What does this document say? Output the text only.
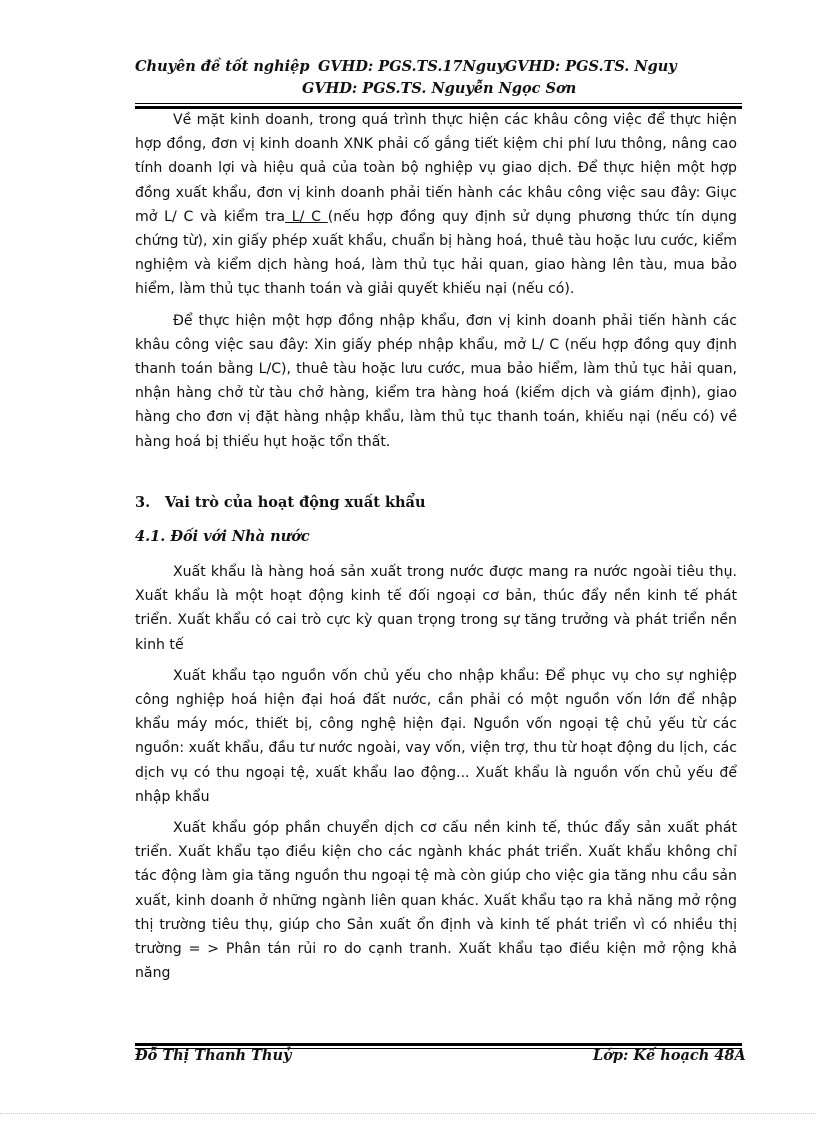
Chuyên đề tốt nghiệp GVHD: PGS.TS.17NguyGVHD: PGS.TS. Nguy
GVHD: PGS.TS. Nguyễn Ngọc Sơn

Về mặt kinh doanh, trong quá trình thực hiện các khâu công việc để thực hiện hợp đồng, đơn vị kinh doanh XNK phải cố gắng tiết kiệm chi phí lưu thông, nâng cao tính doanh lợi và hiệu quả của toàn bộ nghiệp vụ giao dịch. Để thực hiện một hợp đồng xuất khẩu, đơn vị kinh doanh phải tiến hành các khâu công việc sau đây: Giục mở L/ C và kiểm tra L/ C (nếu hợp đồng quy định sử dụng phương thức tín dụng chứng từ), xin giấy phép xuất khẩu, chuẩn bị hàng hoá, thuê tàu hoặc lưu cước, kiểm nghiệm và kiểm dịch hàng hoá, làm thủ tục hải quan, giao hàng lên tàu, mua bảo hiểm, làm thủ tục thanh toán và giải quyết khiếu nại (nếu có).

Để thực hiện một hợp đồng nhập khẩu, đơn vị kinh doanh phải tiến hành các khâu công việc sau đây: Xin giấy phép nhập khẩu, mở L/ C (nếu hợp đồng quy định thanh toán bằng L/C), thuê tàu hoặc lưu cước, mua bảo hiểm, làm thủ tục hải quan, nhận hàng chở từ tàu chở hàng, kiểm tra hàng hoá (kiểm dịch và giám định), giao hàng cho đơn vị đặt hàng nhập khẩu, làm thủ tục thanh toán, khiếu nại (nếu có) về hàng hoá bị thiếu hụt hoặc tổn thất.

3. Vai trò của hoạt động xuất khẩu
4.1. Đối với Nhà nước

Xuất khẩu là hàng hoá sản xuất trong nước được mang ra nước ngoài tiêu thụ. Xuất khẩu là một hoạt động kinh tế đối ngoại cơ bản, thúc đẩy nền kinh tế phát triển. Xuất khẩu có cai trò cực kỳ quan trọng trong sự tăng trưởng và phát triển nền kinh tế

Xuất khẩu tạo nguồn vốn chủ yếu cho nhập khẩu: Để phục vụ cho sự nghiệp công nghiệp hoá hiện đại hoá đất nước, cần phải có một nguồn vốn lớn để nhập khẩu máy móc, thiết bị, công nghệ hiện đại. Nguồn vốn ngoại tệ chủ yếu từ các nguồn: xuất khẩu, đầu tư nước ngoài, vay vốn, viện trợ, thu từ hoạt động du lịch, các dịch vụ có thu ngoại tệ, xuất khẩu lao động... Xuất khẩu là nguồn vốn chủ yếu để nhập khẩu

Xuất khẩu góp phần chuyển dịch cơ cấu nền kinh tế, thúc đẩy sản xuất phát triển. Xuất khẩu tạo điều kiện cho các ngành khác phát triển. Xuất khẩu không chỉ tác động làm gia tăng nguồn thu ngoại tệ mà còn giúp cho việc gia tăng nhu cầu sản xuất, kinh doanh ở những ngành liên quan khác. Xuất khẩu tạo ra khả năng mở rộng thị trường tiêu thụ, giúp cho Sản xuất ổn định và kinh tế phát triển vì có nhiều thị trường = > Phân tán rủi ro do cạnh tranh. Xuất khẩu tạo điều kiện mở rộng khả năng

Đỗ Thị Thanh Thuỷ	Lớp: Kế hoạch 48A
